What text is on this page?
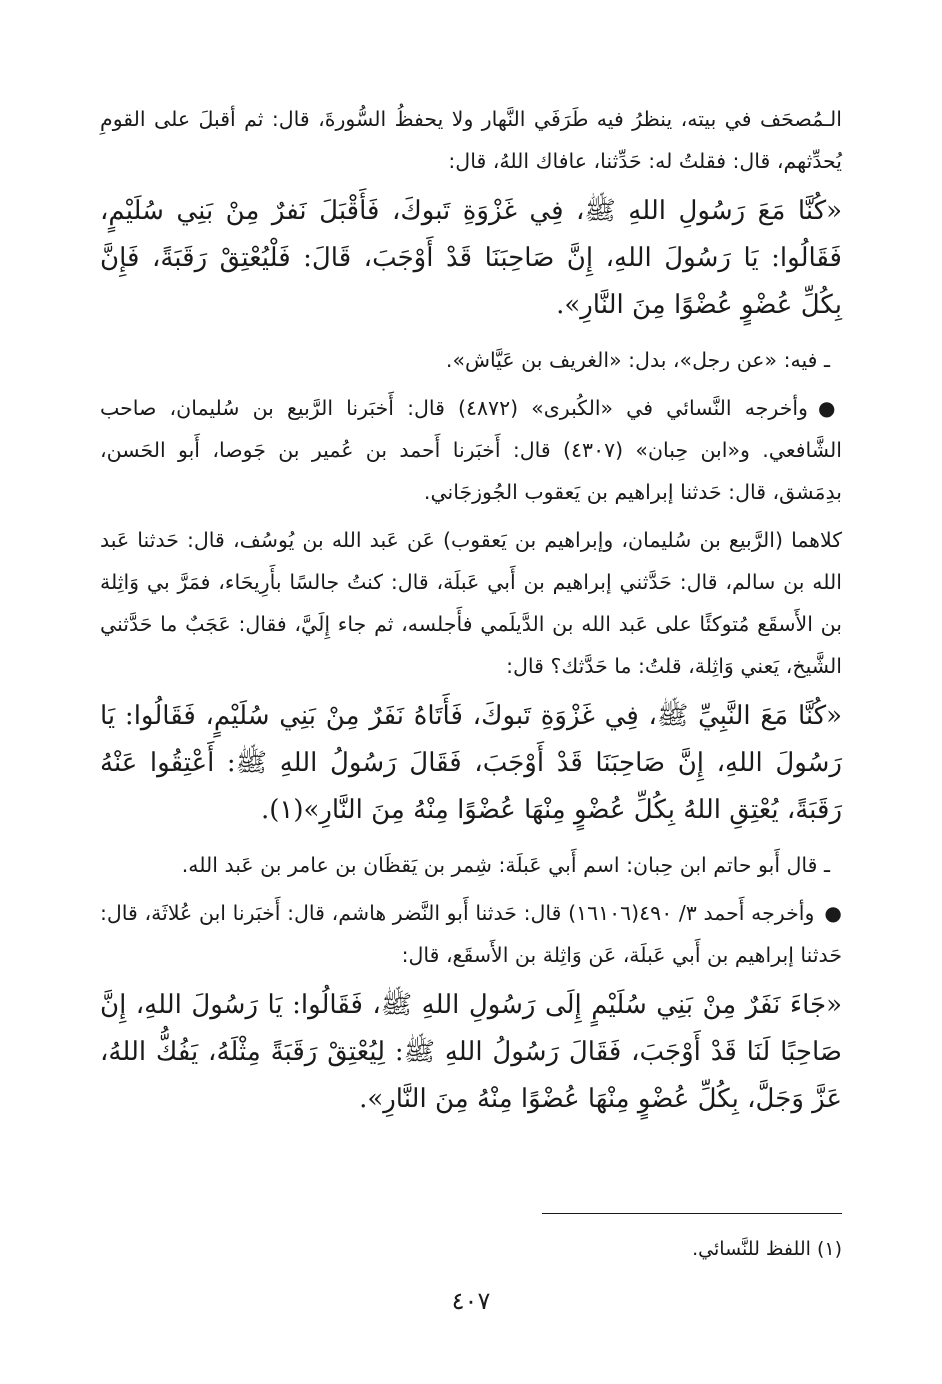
الـمُصحَف في بيته، ينظرُ فيه طَرَفَي النَّهار ولا يحفظُ السُّورةَ، قال: ثم أقبلَ على القومِ يُحدِّثهم، قال: فقلتُ له: حَدِّثنا، عافاك اللهُ، قال:

«كُنَّا مَعَ رَسُولِ اللهِ ﷺ، فِي غَزْوَةِ تَبوكَ، فَأَقْبَلَ نَفرٌ مِنْ بَنِي سُلَيْمٍ، فَقَالُوا: يَا رَسُولَ اللهِ، إِنَّ صَاحِبَنَا قَدْ أَوْجَبَ، قَالَ: فَلْيُعْتِقْ رَقَبَةً، فَإِنَّ بِكُلِّ عُضْوٍ عُضْوًا مِنَ النَّارِ».

ـ فيه: «عن رجل»، بدل: «الغريف بن عَيَّاش».

●وأخرجه النَّسائي في «الكُبرى» (٤٨٧٢) قال: أَخبَرنا الرَّبيع بن سُليمان، صاحب الشَّافعي. و«ابن حِبان» (٤٣٠٧) قال: أَخبَرنا أَحمد بن عُمير بن جَوصا، أَبو الحَسن، بدِمَشق، قال: حَدثنا إبراهيم بن يَعقوب الجُوزجَاني.

كلاهما (الرَّبيع بن سُليمان، وإبراهيم بن يَعقوب) عَن عَبد الله بن يُوسُف، قال: حَدثنا عَبد الله بن سالم، قال: حَدَّثني إبراهيم بن أَبي عَبلَة، قال: كنتُ جالسًا بأَرِيحَاء، فمَرَّ بي وَاثِلة بن الأَسقَع مُتوكئًا على عَبد الله بن الدَّيلَمي فأَجلسه، ثم جاء إِلَيَّ، فقال: عَجَبٌ ما حَدَّثني الشَّيخ، يَعني وَاثِلة، قلتُ: ما حَدَّثك؟ قال:

«كُنَّا مَعَ النَّبِيِّ ﷺ، فِي غَزْوَةِ تَبوكَ، فَأَتَاهُ نَفَرٌ مِنْ بَنِي سُلَيْمٍ، فَقَالُوا: يَا رَسُولَ اللهِ، إِنَّ صَاحِبَنَا قَدْ أَوْجَبَ، فَقَالَ رَسُولُ اللهِ ﷺ: أَعْتِقُوا عَنْهُ رَقَبَةً، يُعْتِقِ اللهُ بِكُلِّ عُضْوٍ مِنْهَا عُضْوًا مِنْهُ مِنَ النَّارِ»(١).

ـ قال أَبو حاتم ابن حِبان: اسم أَبي عَبلَة: شِمر بن يَقظَان بن عامر بن عَبد الله.

●وأخرجه أَحمد ٣/ ٤٩٠(١٦١٠٦) قال: حَدثنا أَبو النَّضر هاشم، قال: أَخبَرنا ابن عُلاثَة، قال: حَدثنا إبراهيم بن أَبي عَبلَة، عَن وَاثِلة بن الأَسقَع، قال:

«جَاءَ نَفَرٌ مِنْ بَنِي سُلَيْمٍ إِلَى رَسُولِ اللهِ ﷺ، فَقَالُوا: يَا رَسُولَ اللهِ، إِنَّ صَاحِبًا لَنَا قَدْ أَوْجَبَ، فَقَالَ رَسُولُ اللهِ ﷺ: لِيُعْتِقْ رَقَبَةً مِثْلَهُ، يَفُكُّ اللهُ، عَزَّ وَجَلَّ، بِكُلِّ عُضْوٍ مِنْهَا عُضْوًا مِنْهُ مِنَ النَّارِ».

(١) اللفظ للنَّسائي.
٤٠٧
